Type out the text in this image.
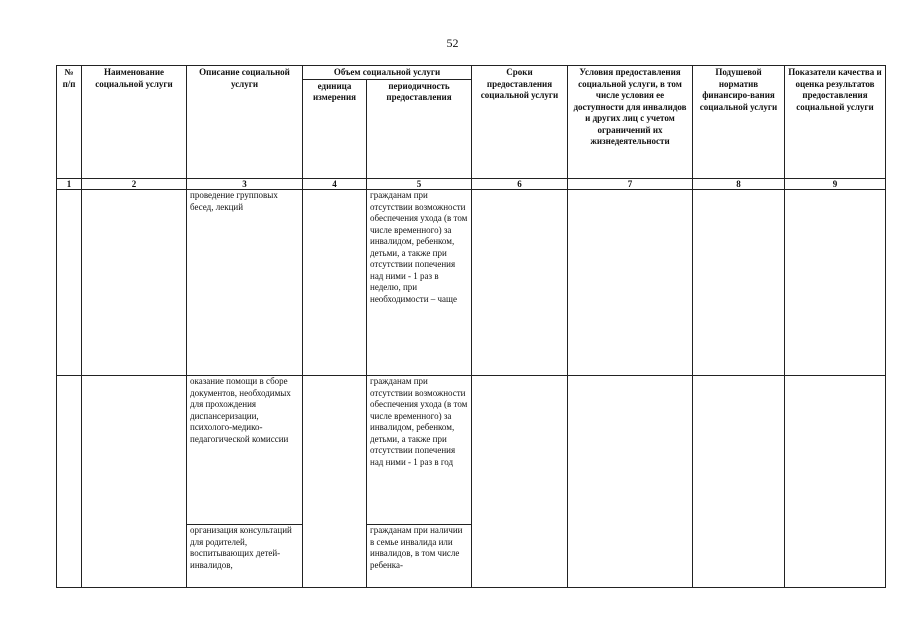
52
№ п/п	Наименование социальной услуги	Описание социальной услуги	Объем социальной услуги		Сроки предоставления социальной услуги	Условия предоставления социальной услуги, в том числе условия ее доступности для инвалидов и других лиц с учетом ограничений их жизнедеятельности	Подушевой норматив финансиро-вания социальной услуги	Показатели качества и оценка результатов предоставления социальной услуги
			единица измерения	периодичность предоставления				
1	2	3	4	5	6	7	8	9
		проведение групповых бесед, лекций		гражданам при отсутствии возможности обеспечения ухода (в том числе временного) за инвалидом, ребенком, детьми, а также при отсутствии попечения над ними - 1 раз в неделю, при необходимости – чаще				
		оказание помощи в сборе документов, необходимых для прохождения диспансеризации, психолого-медико-педагогической комиссии		гражданам при отсутствии возможности обеспечения ухода (в том числе временного) за инвалидом, ребенком, детьми, а также при отсутствии попечения над ними - 1 раз в год				
		организация консультаций для родителей, воспитывающих детей-инвалидов,		гражданам при наличии в семье инвалида или инвалидов, в том числе ребенка-				
